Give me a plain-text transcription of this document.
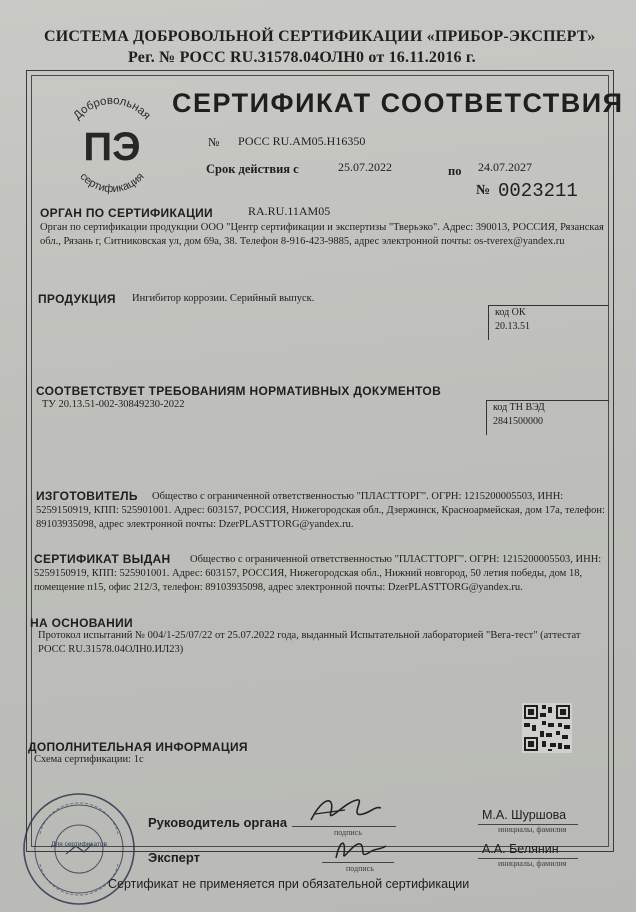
СИСТЕМА ДОБРОВОЛЬНОЙ СЕРТИФИКАЦИИ «ПРИБОР-ЭКСПЕРТ»
Рег. № РОСС RU.31578.04ОЛН0 от 16.11.2016 г.
Добровольная
ПЭ
сертификация
СЕРТИФИКАТ СООТВЕТСТВИЯ
№ РОСС RU.АМ05.Н16350
Срок действия с	25.07.2022	по 24.07.2027
№ 0023211
ОРГАН ПО СЕРТИФИКАЦИИ	RA.RU.11АМ05
Орган по сертификации продукции ООО "Центр сертификации и экспертизы "Тверьэко". Адрес: 390013, РОССИЯ, Рязанская обл., Рязань г, Ситниковская ул, дом 69а, 38. Телефон 8-916-423-9885, адрес электронной почты: os-tverex@yandex.ru
ПРОДУКЦИЯ Ингибитор коррозии. Серийный выпуск.
код ОК
20.13.51
СООТВЕТСТВУЕТ ТРЕБОВАНИЯМ НОРМАТИВНЫХ ДОКУМЕНТОВ
ТУ 20.13.51-002-30849230-2022	код ТН ВЭД
2841500000
ИЗГОТОВИТЕЛЬ	Общество с ограниченной ответственностью "ПЛАСТТОРГ". ОГРН: 1215200005503, ИНН: 5259150919, КПП: 525901001. Адрес: 603157, РОССИЯ, Нижегородская обл., Дзержинск, Красноармейская, дом 17а, телефон: 89103935098, адрес электронной почты: DzerPLASTTORG@yandex.ru.
СЕРТИФИКАТ ВЫДАН	Общество с ограниченной ответственностью "ПЛАСТТОРГ". ОГРН: 1215200005503, ИНН: 5259150919, КПП: 525901001. Адрес: 603157, РОССИЯ, Нижегородская обл., Нижний новгород, 50 летия победы, дом 18, помещение п15, офис 212/3, телефон: 89103935098, адрес электронной почты: DzerPLASTTORG@yandex.ru.
НА ОСНОВАНИИ
Протокол испытаний № 004/1-25/07/22 от 25.07.2022 года, выданный Испытательной лабораторией "Вега-тест" (аттестат РОСС RU.31578.04ОЛН0.ИЛ23)
ДОПОЛНИТЕЛЬНАЯ ИНФОРМАЦИЯ
Схема сертификации: 1с
Руководитель органа
подпись
М.А. Шуршова
инициалы, фамилия
Эксперт
подпись
А.А. Белянин
инициалы, фамилия
Для сертификатов
Сертификат не применяется при обязательной сертификации
